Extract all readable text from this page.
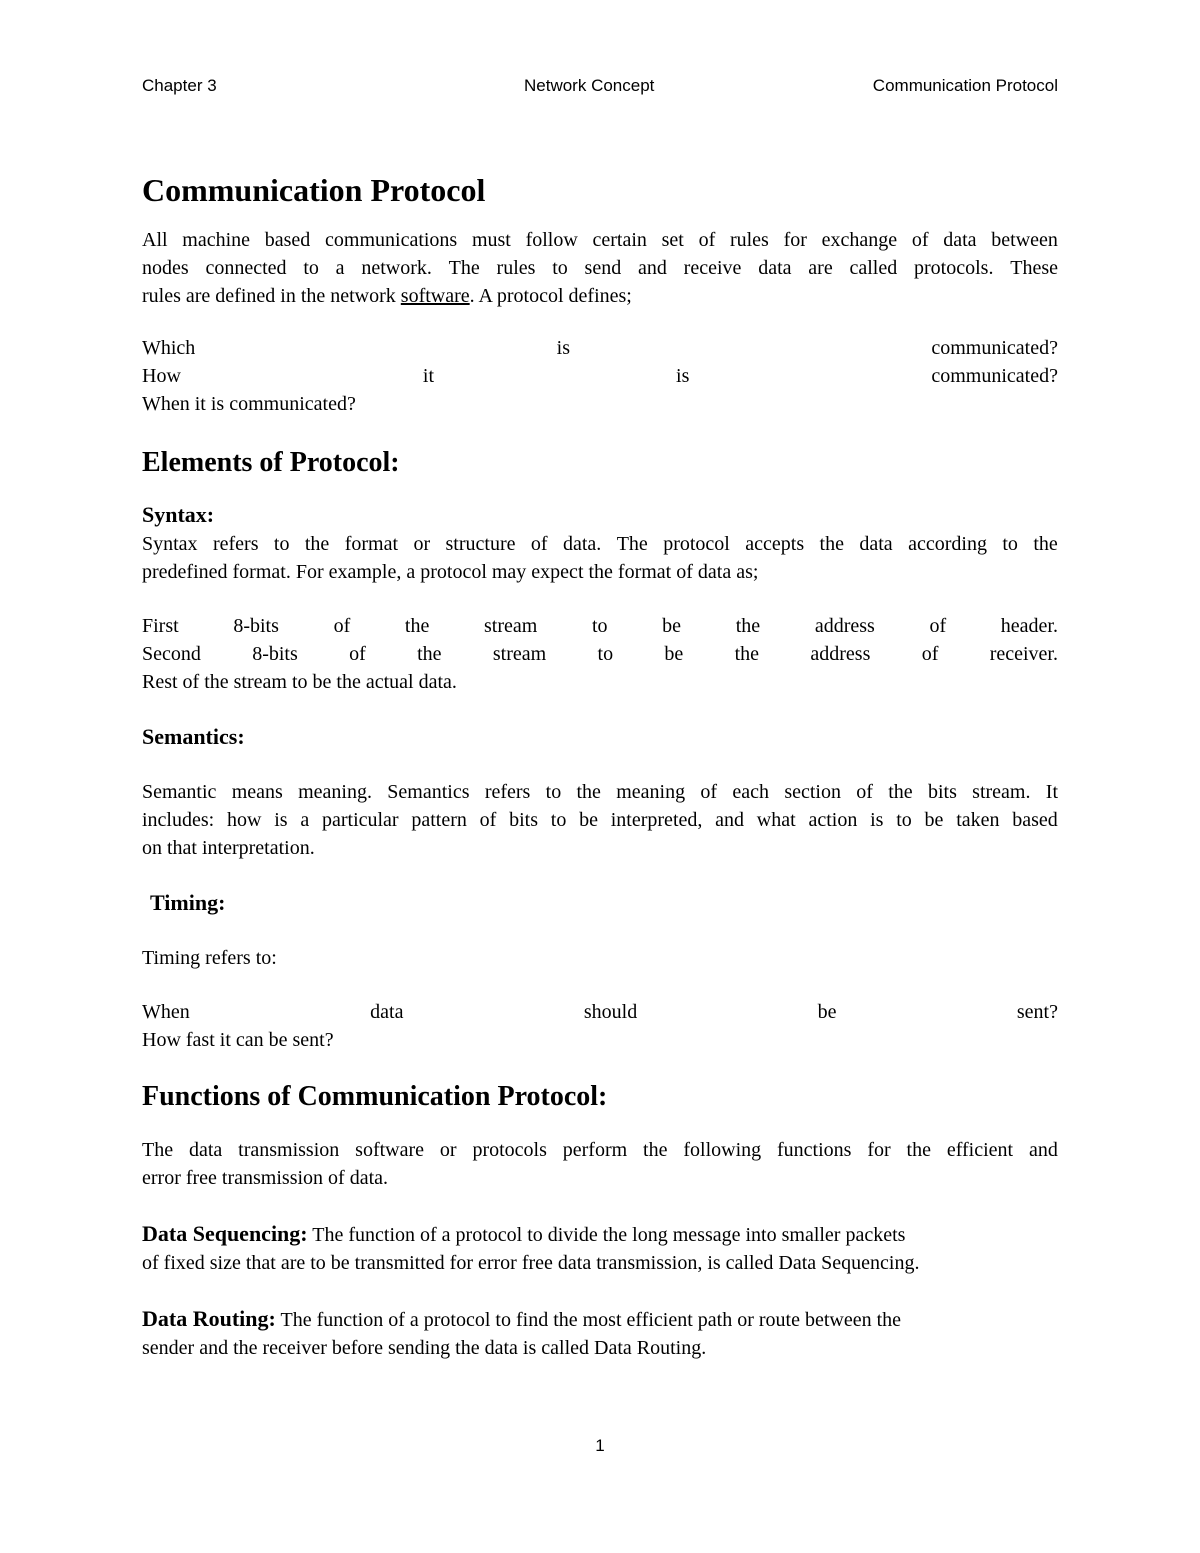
Chapter 3	Network Concept	Communication Protocol
Communication Protocol

All machine based communications must follow certain set of rules for exchange of data between

nodes connected to a network. The rules to send and receive data are called protocols. These

rules are defined in the network software. A protocol defines;

Which	is	communicated?

How	it	is	communicated?

When it is communicated?

Elements of Protocol:
Syntax:

Syntax refers to the format or structure of data. The protocol accepts the data according to the

predefined format. For example, a protocol may expect the format of data as;

First	8-bits	of	the	stream	to	be	the	address	of	header.

Second	8-bits	of	the	stream	to	be	the	address	of	receiver.

Rest of the stream to be the actual data.

Semantics:

Semantic means meaning. Semantics refers to the meaning of each section of the bits stream. It

includes: how is a particular pattern of bits to be interpreted, and what action is to be taken based

on that interpretation.

Timing:

Timing refers to:

When	data	should	be	sent?

How fast it can be sent?

Functions of Communication Protocol:

The data transmission software or protocols perform the following functions for the efficient and

error free transmission of data.

Data Sequencing: The function of a protocol to divide the long message into smaller packets

of fixed size that are to be transmitted for error free data transmission, is called Data Sequencing.

Data Routing: The function of a protocol to find the most efficient path or route between the

sender and the receiver before sending the data is called Data Routing.

1
